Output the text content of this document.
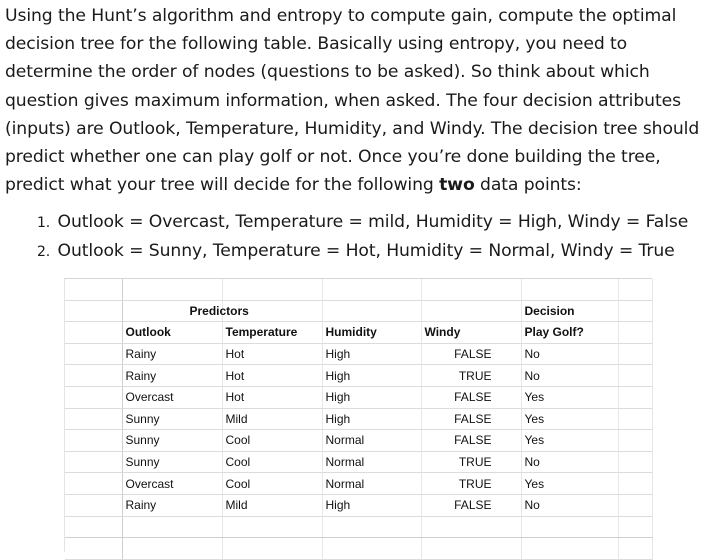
Using the Hunt’s algorithm and entropy to compute gain, compute the optimal decision tree for the following table. Basically using entropy, you need to determine the order of nodes (questions to be asked). So think about which question gives maximum information, when asked. The four decision attributes (inputs) are Outlook, Temperature, Humidity, and Windy. The decision tree should predict whether one can play golf or not. Once you’re done building the tree, predict what your tree will decide for the following two data points:

1. Outlook = Overcast, Temperature = mild, Humidity = High, Windy = False
2. Outlook = Sunny, Temperature = Hot, Humidity = Normal, Windy = True

		Predictors			Decision	
	Outlook	Temperature	Humidity	Windy	Play Golf?	
	Rainy	Hot	High	FALSE	No	
	Rainy	Hot	High	TRUE	No	
	Overcast	Hot	High	FALSE	Yes	
	Sunny	Mild	High	FALSE	Yes	
	Sunny	Cool	Normal	FALSE	Yes	
	Sunny	Cool	Normal	TRUE	No	
	Overcast	Cool	Normal	TRUE	Yes	
	Rainy	Mild	High	FALSE	No	
